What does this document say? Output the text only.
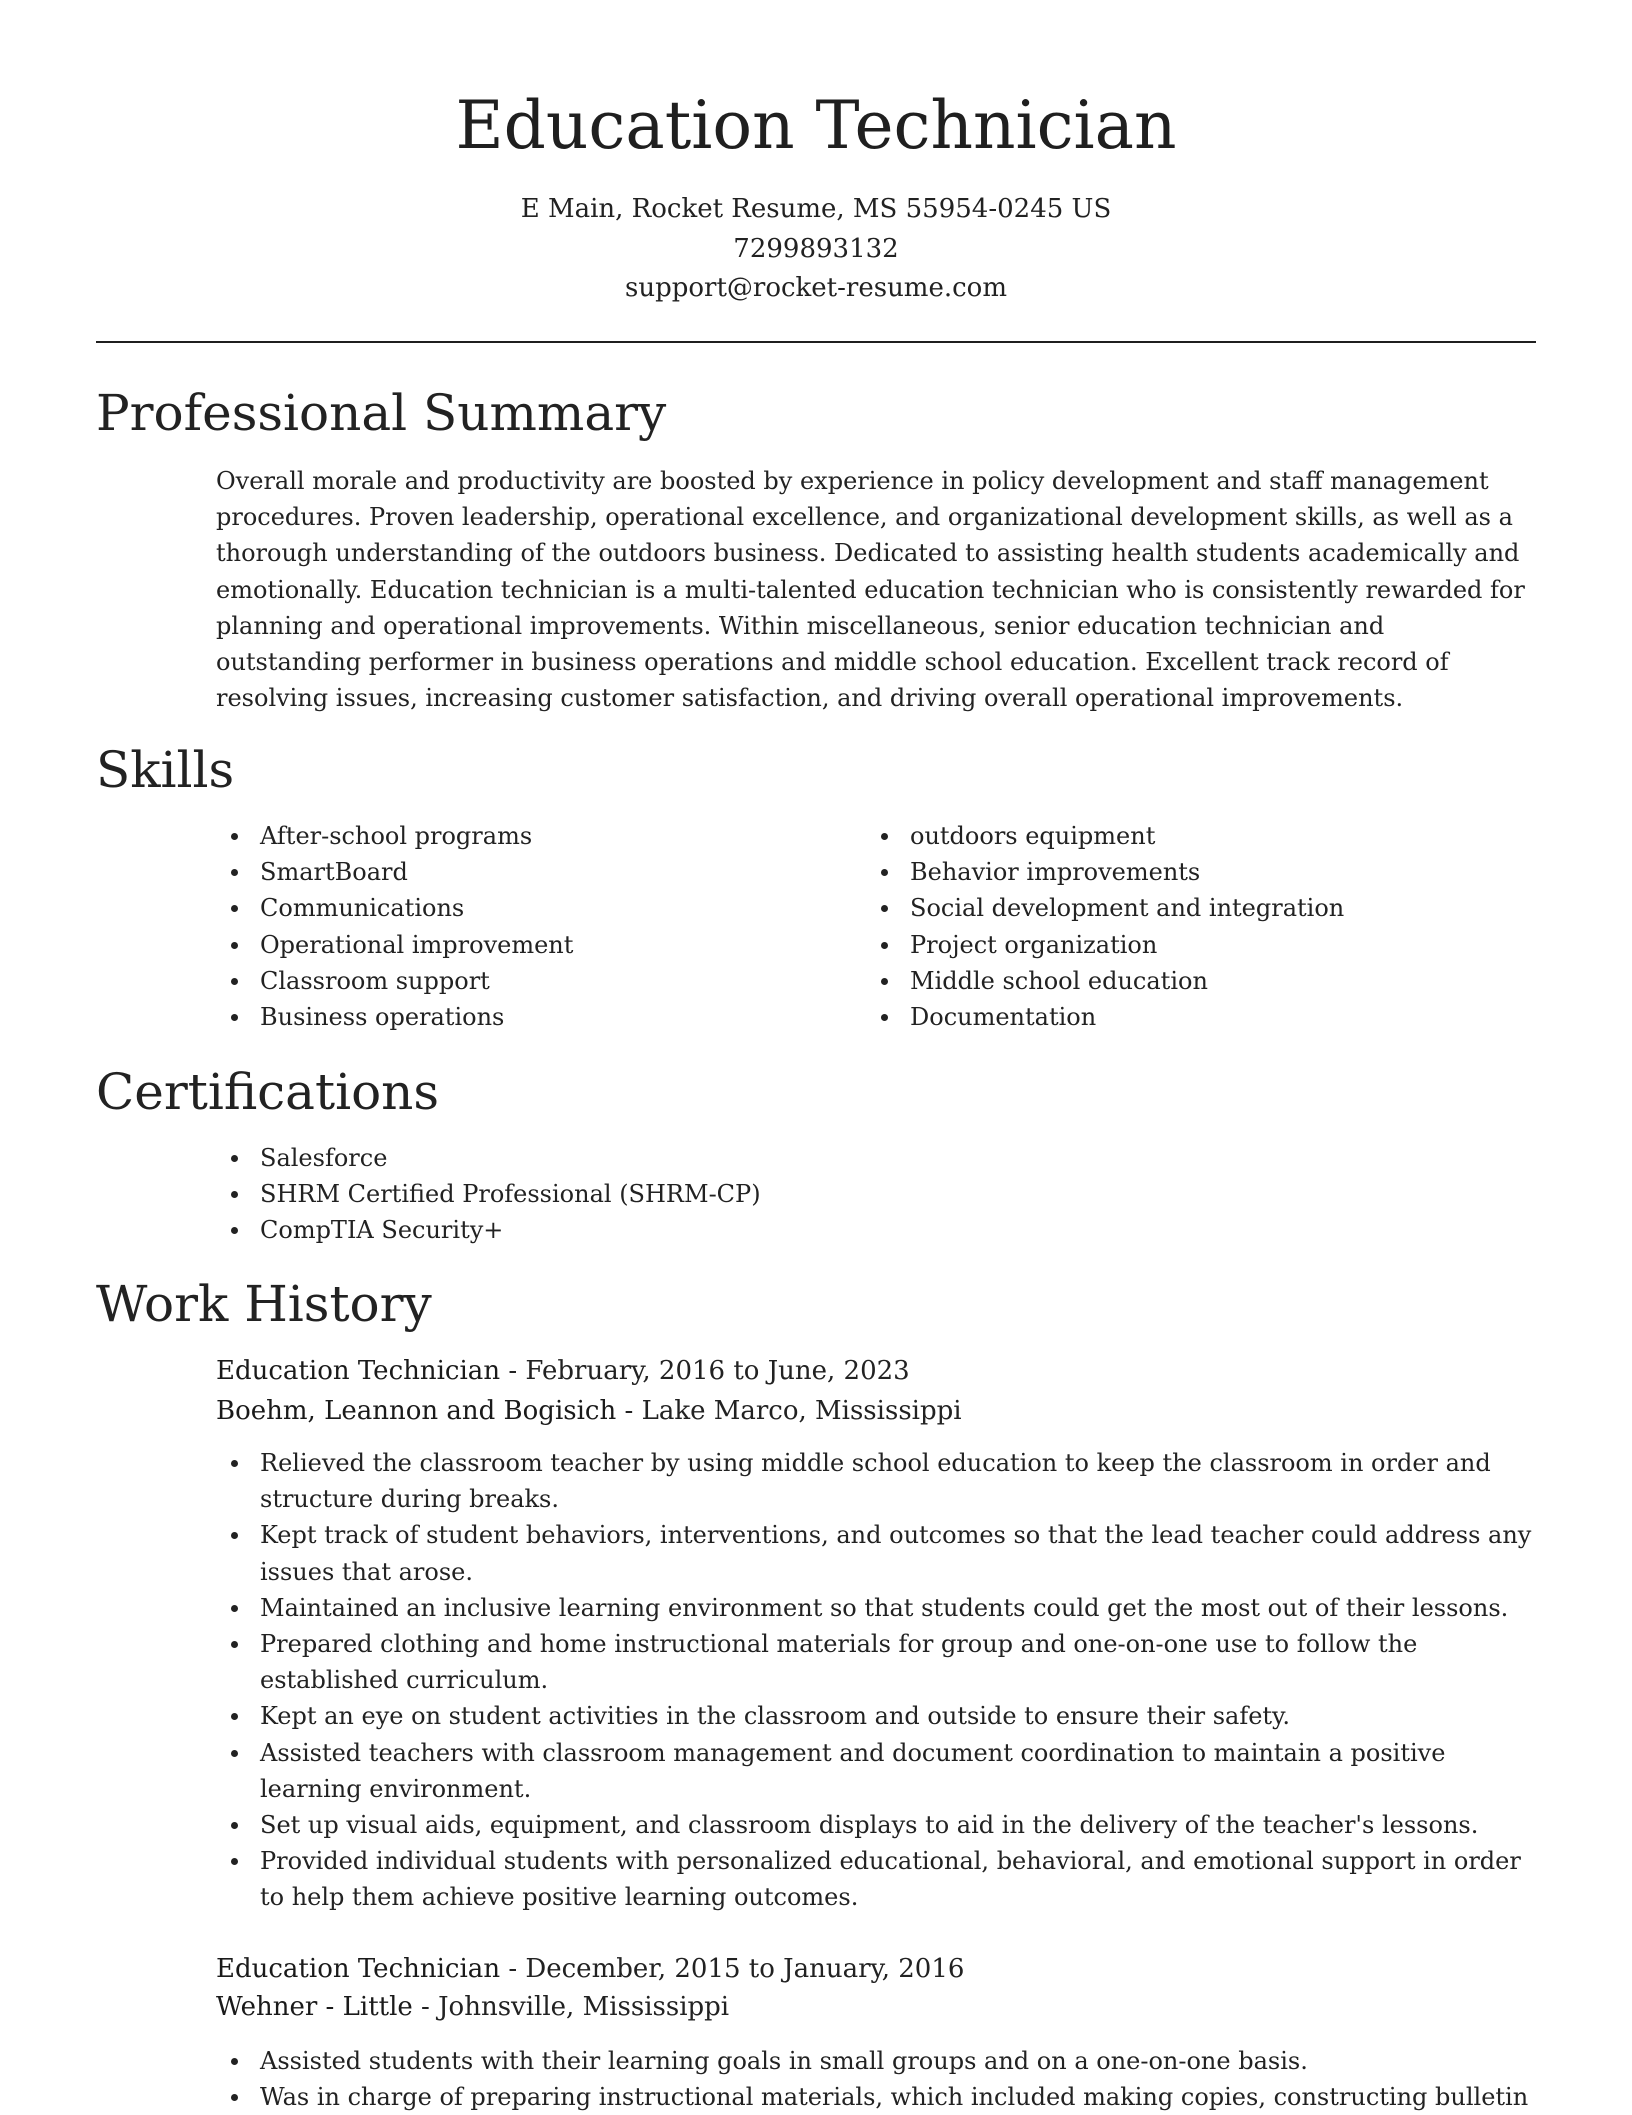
Education Technician
E Main, Rocket Resume, MS 55954-0245 US
7299893132
support@rocket-resume.com
Professional Summary

Overall morale and productivity are boosted by experience in policy development and staff management procedures. Proven leadership, operational excellence, and organizational development skills, as well as a thorough understanding of the outdoors business. Dedicated to assisting health students academically and emotionally. Education technician is a multi-talented education technician who is consistently rewarded for planning and operational improvements. Within miscellaneous, senior education technician and outstanding performer in business operations and middle school education. Excellent track record of resolving issues, increasing customer satisfaction, and driving overall operational improvements.

Skills
After-school programs
SmartBoard
Communications
Operational improvement
Classroom support
Business operations
outdoors equipment
Behavior improvements
Social development and integration
Project organization
Middle school education
Documentation
Certifications
Salesforce
SHRM Certified Professional (SHRM-CP)
CompTIA Security+
Work History
Education Technician - February, 2016 to June, 2023
Boehm, Leannon and Bogisich - Lake Marco, Mississippi
Relieved the classroom teacher by using middle school education to keep the classroom in order and structure during breaks.
Kept track of student behaviors, interventions, and outcomes so that the lead teacher could address any issues that arose.
Maintained an inclusive learning environment so that students could get the most out of their lessons.
Prepared clothing and home instructional materials for group and one-on-one use to follow the established curriculum.
Kept an eye on student activities in the classroom and outside to ensure their safety.
Assisted teachers with classroom management and document coordination to maintain a positive learning environment.
Set up visual aids, equipment, and classroom displays to aid in the delivery of the teacher's lessons.
Provided individual students with personalized educational, behavioral, and emotional support in order to help them achieve positive learning outcomes.
Education Technician - December, 2015 to January, 2016
Wehner - Little - Johnsville, Mississippi
Assisted students with their learning goals in small groups and on a one-on-one basis.
Was in charge of preparing instructional materials, which included making copies, constructing bulletin
